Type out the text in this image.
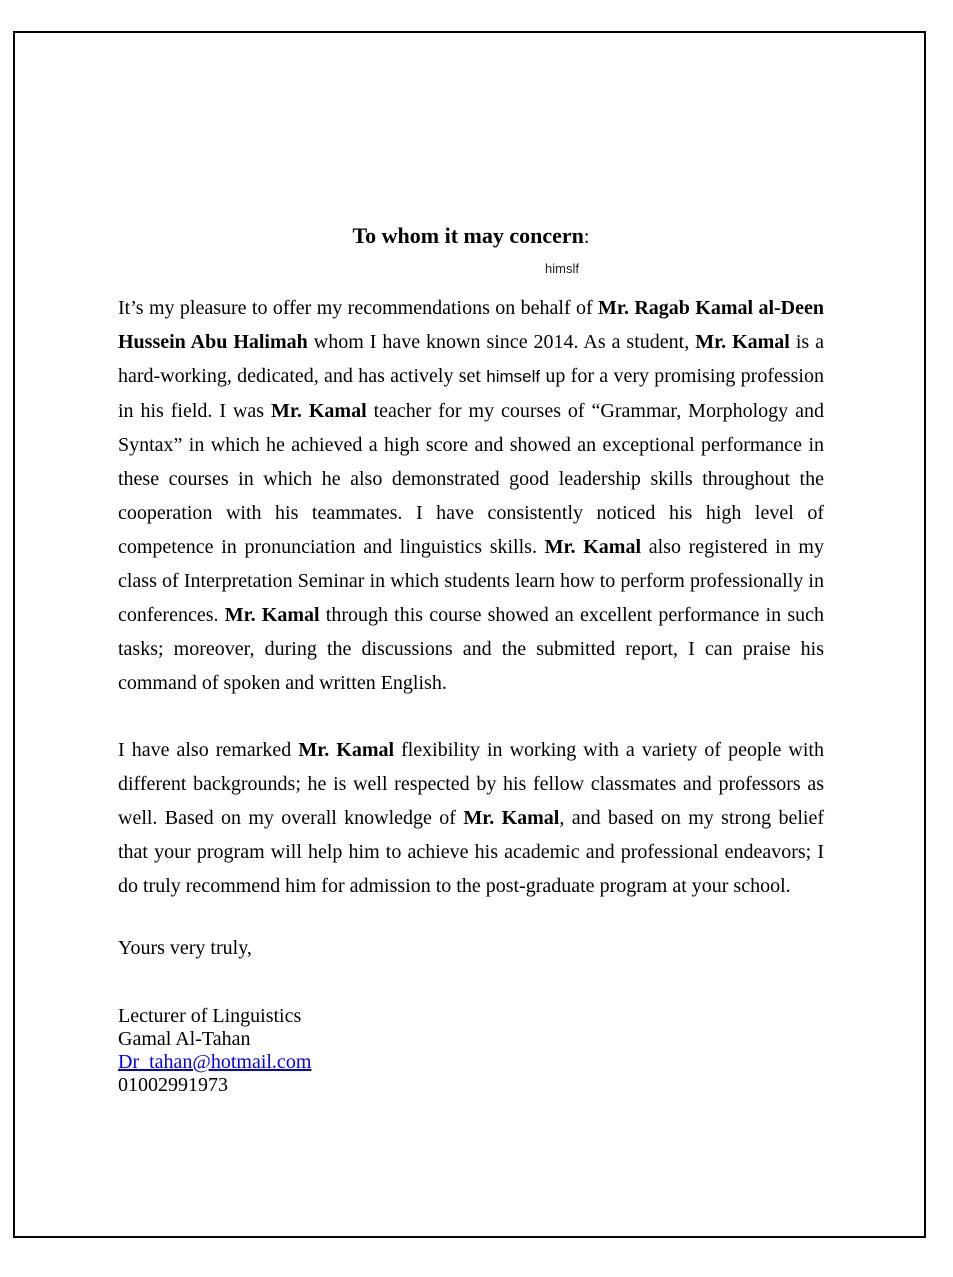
To whom it may concern:
himslf

It’s my pleasure to offer my recommendations on behalf of Mr. Ragab Kamal al-Deen Hussein Abu Halimah whom I have known since 2014. As a student, Mr. Kamal is a hard-working, dedicated, and has actively set himself up for a very promising profession in his field. I was Mr. Kamal teacher for my courses of “Grammar, Morphology and Syntax” in which he achieved a high score and showed an exceptional performance in these courses in which he also demonstrated good leadership skills throughout the cooperation with his teammates. I have consistently noticed his high level of competence in pronunciation and linguistics skills. Mr. Kamal also registered in my class of Interpretation Seminar in which students learn how to perform professionally in conferences. Mr. Kamal through this course showed an excellent performance in such tasks; moreover, during the discussions and the submitted report, I can praise his command of spoken and written English.

I have also remarked Mr. Kamal flexibility in working with a variety of people with different backgrounds; he is well respected by his fellow classmates and professors as well. Based on my overall knowledge of Mr. Kamal, and based on my strong belief that your program will help him to achieve his academic and professional endeavors; I do truly recommend him for admission to the post-graduate program at your school.

Yours very truly,

Lecturer of Linguistics
Gamal Al-Tahan
Dr_tahan@hotmail.com
01002991973
